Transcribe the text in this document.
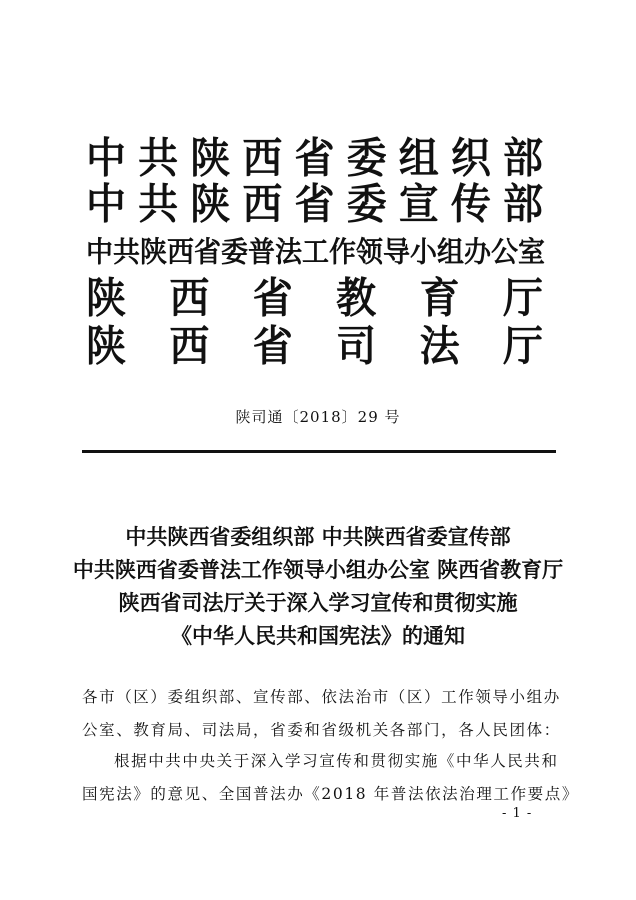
中 共 陕 西 省 委 组 织 部
中 共 陕 西 省 委 宣 传 部
中 共 陕 西 省 委 普 法 工 作 领 导 小 组 办 公 室
陕 西 省 教 育 厅
陕 西 省 司 法 厅
陕司通〔2018〕29 号
中共陕西省委组织部 中共陕西省委宣传部
中共陕西省委普法工作领导小组办公室 陕西省教育厅
陕西省司法厅关于深入学习宣传和贯彻实施
《中华人民共和国宪法》的通知
各市（区）委组织部、宣传部、依法治市（区）工作领导小组办
公室、教育局、司法局，省委和省级机关各部门，各人民团体：
根据中共中央关于深入学习宣传和贯彻实施《中华人民共和
国宪法》的意见、全国普法办《2018 年普法依法治理工作要点》
- 1 -
